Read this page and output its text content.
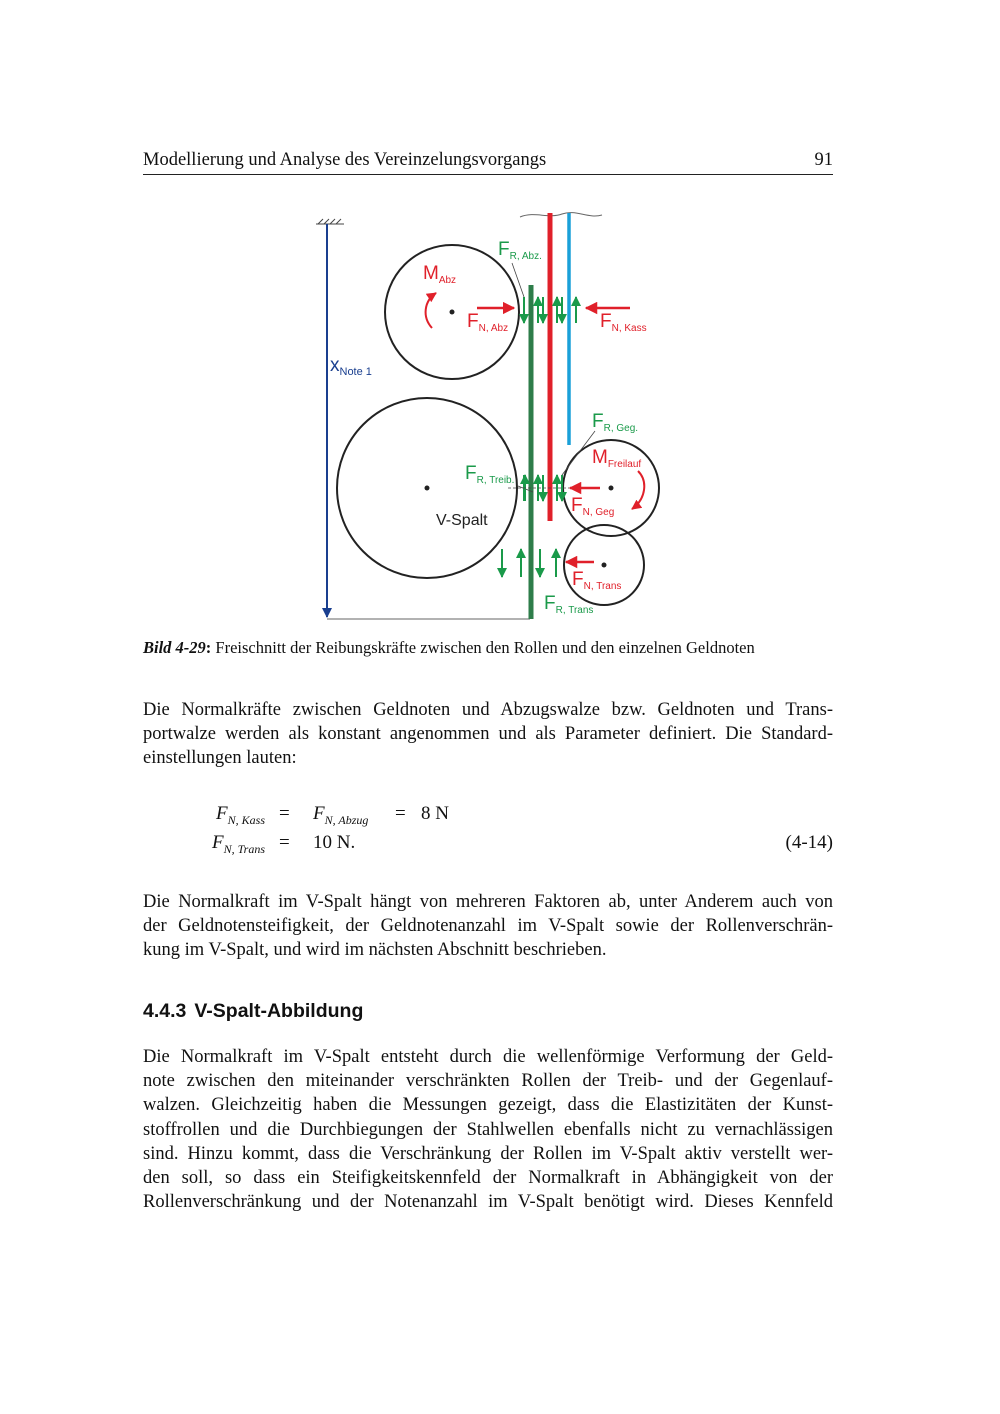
Modellierung und Analyse des Vereinzelungsvorgangs	91
$x_{Note 1}$
$M_{Abz}$
$F_{N, Abz}$	$F_{N, Kass}$
$F_{R, Abz.}$
$F_{R, Geg.}$
$M_{Freilauf}$
$F_{R, Treib.}$
V-Spalt
$F_{N, Geg}$
$F_{N, Trans}$
$F_{R, Trans}$
Bild 4-29: Freischnitt der Reibungskräfte zwischen den Rollen und den einzelnen Geldnoten
Die Normalkräfte zwischen Geldnoten und Abzugswalze bzw. Geldnoten und Trans-
portwalze werden als konstant angenommen und als Parameter definiert. Die Standard-
einstellungen lauten:
$F_{N, Kass} = F_{N, Abzug} = 8$ N
$F_{N, Trans} = 10$ N.	(4-14)
Die Normalkraft im V-Spalt hängt von mehreren Faktoren ab, unter Anderem auch von
der Geldnotensteifigkeit, der Geldnotenanzahl im V-Spalt sowie der Rollenverschrän-
kung im V-Spalt, und wird im nächsten Abschnitt beschrieben.
4.4.3 V-Spalt-Abbildung
Die Normalkraft im V-Spalt entsteht durch die wellenförmige Verformung der Geld-
note zwischen den miteinander verschränkten Rollen der Treib- und der Gegenlauf-
walzen. Gleichzeitig haben die Messungen gezeigt, dass die Elastizitäten der Kunst-
stoffrollen und die Durchbiegungen der Stahlwellen ebenfalls nicht zu vernachlässigen
sind. Hinzu kommt, dass die Verschränkung der Rollen im V-Spalt aktiv verstellt wer-
den soll, so dass ein Steifigkeitskennfeld der Normalkraft in Abhängigkeit von der
Rollenverschränkung und der Notenanzahl im V-Spalt benötigt wird. Dieses Kennfeld
